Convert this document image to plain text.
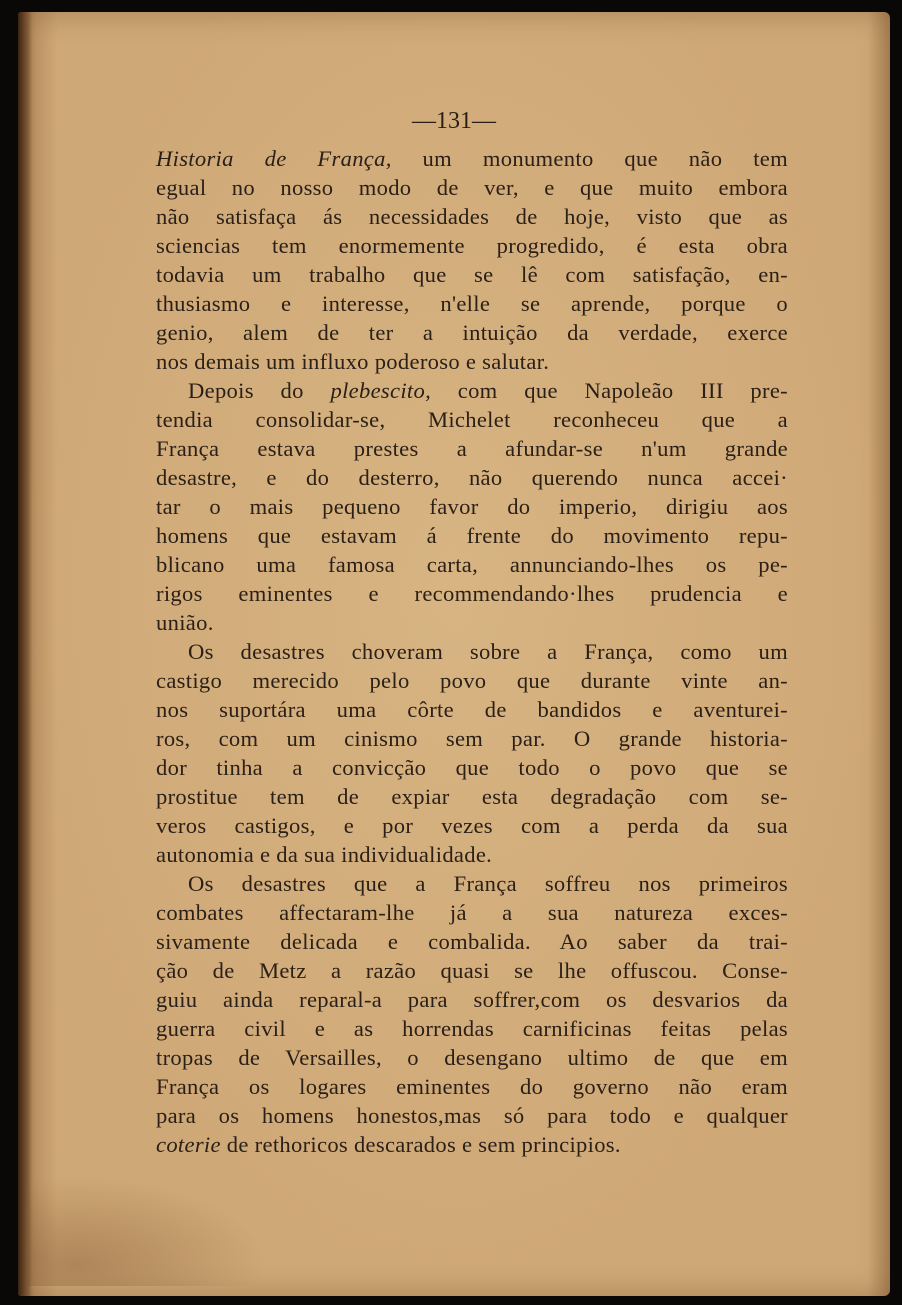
—131—
Historia de França, um monumento que não tem
egual no nosso modo de ver, e que muito embora
não satisfaça ás necessidades de hoje, visto que as
sciencias tem enormemente progredido, é esta obra
todavia um trabalho que se lê com satisfação, en-
thusiasmo e interesse, n'elle se aprende, porque o
genio, alem de ter a intuição da verdade, exerce
nos demais um influxo poderoso e salutar.
Depois do plebescito, com que Napoleão III pre-
tendia consolidar-se, Michelet reconheceu que a
França estava prestes a afundar-se n'um grande
desastre, e do desterro, não querendo nunca accei·
tar o mais pequeno favor do imperio, dirigiu aos
homens que estavam á frente do movimento repu-
blicano uma famosa carta, annunciando-lhes os pe-
rigos eminentes e recommendando·lhes prudencia e
união.
Os desastres choveram sobre a França, como um
castigo merecido pelo povo que durante vinte an-
nos suportára uma côrte de bandidos e aventurei-
ros, com um cinismo sem par. O grande historia-
dor tinha a convicção que todo o povo que se
prostitue tem de expiar esta degradação com se-
veros castigos, e por vezes com a perda da sua
autonomia e da sua individualidade.
Os desastres que a França soffreu nos primeiros
combates affectaram-lhe já a sua natureza exces-
sivamente delicada e combalida. Ao saber da trai-
ção de Metz a razão quasi se lhe offuscou. Conse-
guiu ainda reparal-a para soffrer,com os desvarios da
guerra civil e as horrendas carnificinas feitas pelas
tropas de Versailles, o desengano ultimo de que em
França os logares eminentes do governo não eram
para os homens honestos,mas só para todo e qualquer
coterie de rethoricos descarados e sem principios.
